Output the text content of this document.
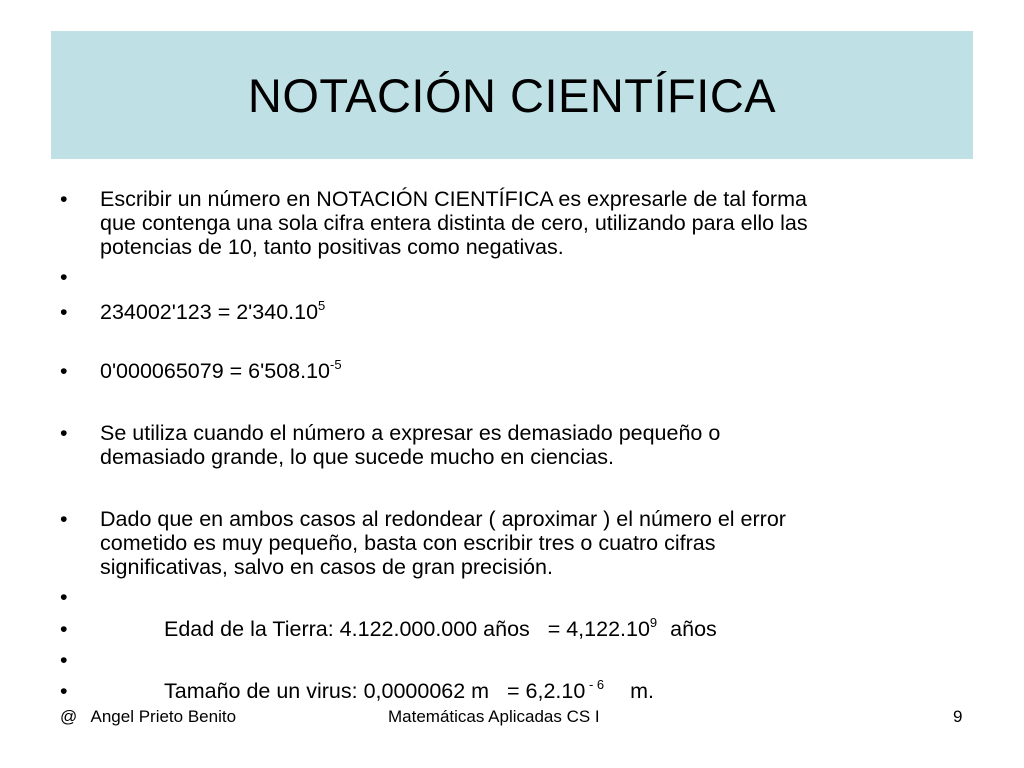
NOTACIÓN CIENTÍFICA
• Escribir un número en NOTACIÓN CIENTÍFICA es expresarle de tal forma
que contenga una sola cifra entera distinta de cero, utilizando para ello las
potencias de 10, tanto positivas como negativas.
•
• $234002'123 = 2'340.10^5$
• $0'000065079 = 6'508.10^{-5}$
• Se utiliza cuando el número a expresar es demasiado pequeño o
demasiado grande, lo que sucede mucho en ciencias.
• Dado que en ambos casos al redondear ( aproximar ) el número el error
cometido es muy pequeño, basta con escribir tres o cuatro cifras
significativas, salvo en casos de gran precisión.
•
•	Edad de la Tierra: 4.122.000.000 años   = $4,122.10^9$ años
•
•	Tamaño de un virus: 0,0000062 m   = 6,2.10 $^{- 6}$ m.
@   Angel Prieto Benito	Matemáticas Aplicadas CS I	9
